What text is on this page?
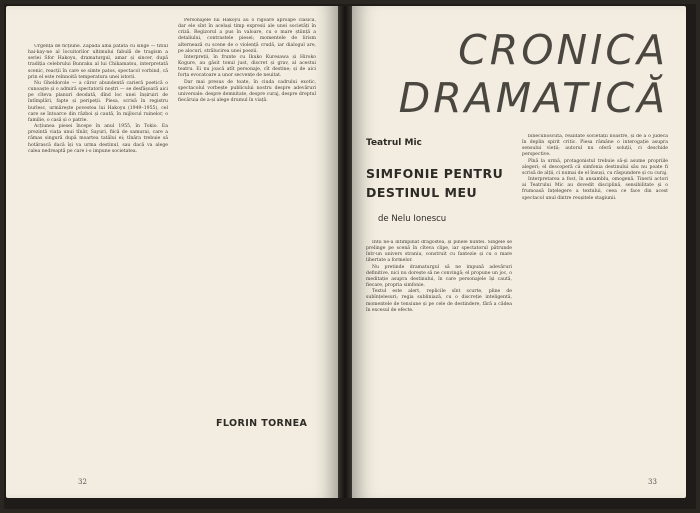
Urgență de ficțiune. Zăpada albă pătată cu sînge — titlul hai-kay-ne al locuitorilor ultimului fabulă de tragism a seriei Sfor Hakoyu, dramaturgul, amar și sincer, după tradiția celebrului Bunraku al lui Chikamatsu, interpretată scenic, reacții în care se simte patos, spectacol vorbind, că prin el este reînnoită temperatura unei istorii.

Nu Gheldorole — a căror abundentă carieră poetică o cunoaște și o admiră spectatorii noștri — se desfășoară aici pe cîteva planuri deodată, dînd loc unei înșiruiri de întîmplări, fapte și peripeții. Piesa, scrisă în registru burlesc, urmărește povestea lui Hakoyu (1949–1955), cel care se întoarce din război și caută, în mijlocul ruinelor, o familie, o casă și o patrie.

Acțiunea piesei începe în anul 1955, în Tokio. Ea prezintă viața unui tînăr, Sayuri, fiică de samurai, care a rămas singură după moartea tatălui ei; tînăra trebuie să hotărască dacă își va urma destinul, sau dacă va alege calea nedreaptă pe care i-o impune societatea.

Personajele lui Hakoyu au o rigoare aproape clasică, dar ele sînt în același timp expresii ale unei societăți în criză. Regizorul a pus în valoare, cu o mare știință a detaliului, contrastele piesei; momentele de lirism alternează cu scene de o violență crudă, iar dialogul are, pe alocuri, strălucirea unei poezii.

Interpreții, în frunte cu Ikuko Kuresawa și Hiroko Kogure, au găsit tonul just, discret și grav, al acestui teatru. Ei nu joacă atît personaje, cît destine; și de aici forța evocatoare a unor secvențe de neuitat.

Dar mai presus de toate, în ciuda cadrului exotic, spectacolul vorbește publicului nostru despre adevăruri universale: despre demnitate, despre curaj, despre dreptul fiecăruia de a-și alege drumul în viață.

FLORIN TORNEA
32
CRONICA
DRAMATICĂ
Teatrul Mic
SIMFONIE PENTRU DESTINUL MEU
de Nelu Ionescu

Intîi ne-a întîmpinat dragostea, și pînele nuntei. Sîngele se prelinge pe scenă în cîteva clipe, iar spectatorul pătrunde într-un univers straniu, construit cu fantezie și cu o mare libertate a formelor.

Nu pretinde dramaturgul să ne impună adevăruri definitive, nici nu dorește să ne convingă; el propune un joc, o meditație asupra destinului, în care personajele își caută, fiecare, propria simfonie.

Textul este alert, replicile sînt scurte, pline de subînțelesuri; regia subliniază, cu o discreție inteligentă, momentele de tensiune și pe cele de destindere, fără a cădea în excesul de efecte.

binecunoscută, realitate societății noastre, și de a o judeca în deplin spirit critic. Piesa rămâne o interogație asupra sensului vieții; autorul nu oferă soluții, ci deschide perspective.

Pînă la urmă, protagonistul trebuie să-și asume propriile alegeri; el descoperă că simfonia destinului său nu poate fi scrisă de alții, ci numai de el însuși, cu răspundere și cu curaj.

Interpretarea a fost, în ansamblu, omogenă. Tinerii actori ai Teatrului Mic au dovedit disciplină, sensibilitate și o frumoasă înțelegere a textului, ceea ce face din acest spectacol unul dintre reușitele stagiunii.

33
